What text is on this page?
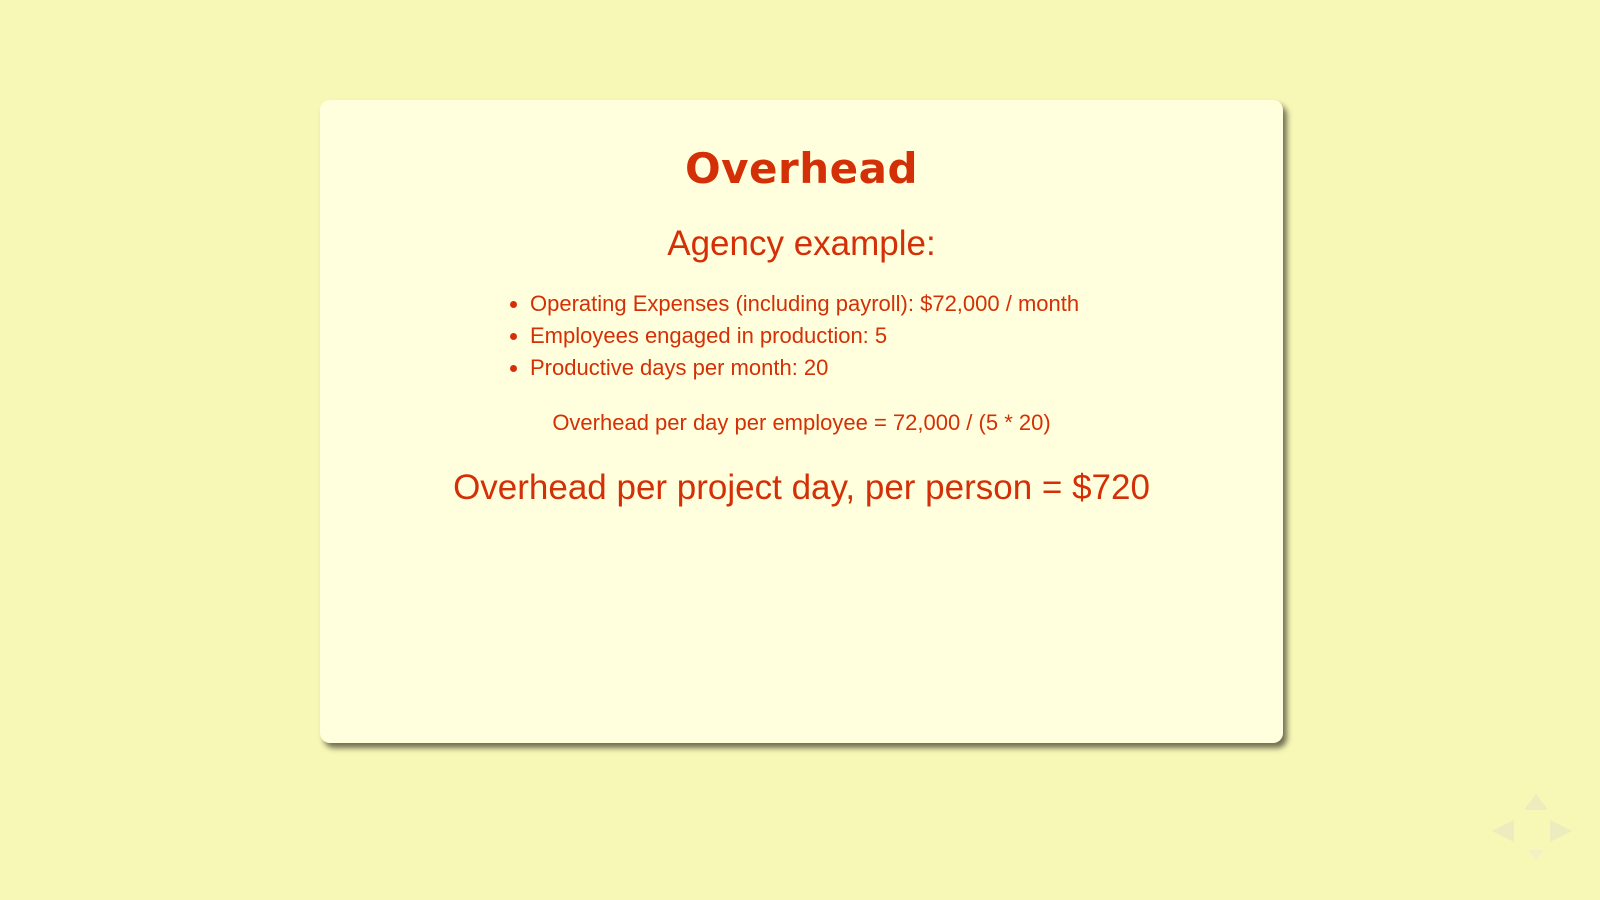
Overhead
Agency example:
• Operating Expenses (including payroll): $72,000 / month
• Employees engaged in production: 5
• Productive days per month: 20

Overhead per day per employee = 72,000 / (5 * 20)

Overhead per project day, per person = $720
